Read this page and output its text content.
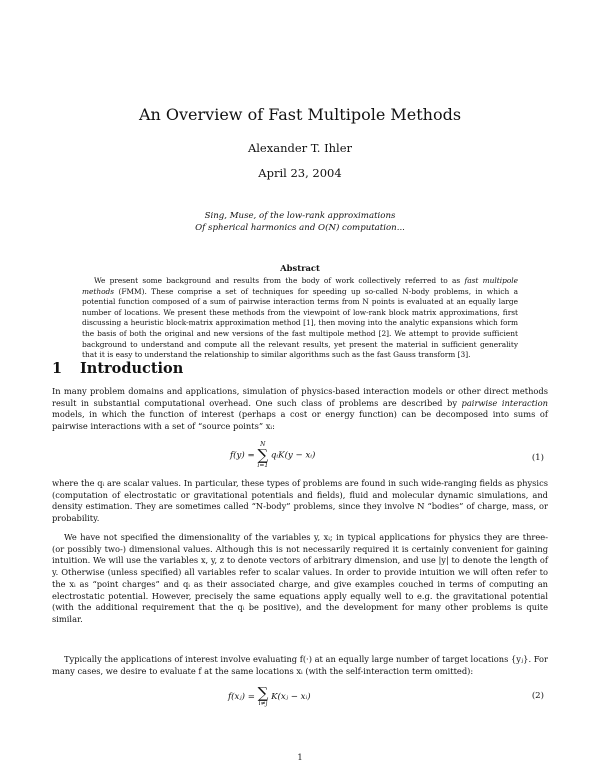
An Overview of Fast Multipole Methods
Alexander T. Ihler
April 23, 2004
Sing, Muse, of the low-rank approximations
Of spherical harmonics and O(N) computation...
Abstract
We present some background and results from the body of work collectively referred to as fast multipole methods (FMM). These comprise a set of techniques for speeding up so-called N-body problems, in which a potential function composed of a sum of pairwise interaction terms from N points is evaluated at an equally large number of locations. We present these methods from the viewpoint of low-rank block matrix approximations, first discussing a heuristic block-matrix approximation method [1], then moving into the analytic expansions which form the basis of both the original and new versions of the fast multipole method [2]. We attempt to provide sufficient background to understand and compute all the relevant results, yet present the material in sufficient generality that it is easy to understand the relationship to similar algorithms such as the fast Gauss transform [3].
1 Introduction
In many problem domains and applications, simulation of physics-based interaction models or other direct methods result in substantial computational overhead. One such class of problems are described by pairwise interaction models, in which the function of interest (perhaps a cost or energy function) can be decomposed into sums of pairwise interactions with a set of “source points” xᵢ:
f(y) =
N
∑
i=1
qᵢK(y − xᵢ)	(1)
where the qᵢ are scalar values. In particular, these types of problems are found in such wide-ranging fields as physics (computation of electrostatic or gravitational potentials and fields), fluid and molecular dynamic simulations, and density estimation. They are sometimes called “N-body” problems, since they involve N “bodies” of charge, mass, or probability.
We have not specified the dimensionality of the variables y, xᵢ; in typical applications for physics they are three- (or possibly two-) dimensional values. Although this is not necessarily required it is certainly convenient for gaining intuition. We will use the variables x, y, z to denote vectors of arbitrary dimension, and use |y| to denote the length of y. Otherwise (unless specified) all variables refer to scalar values. In order to provide intuition we will often refer to the xᵢ as “point charges” and qᵢ as their associated charge, and give examples couched in terms of computing an electrostatic potential. However, precisely the same equations apply equally well to e.g. the gravitational potential (with the additional requirement that the qᵢ be positive), and the development for many other problems is quite similar.
Typically the applications of interest involve evaluating f(·) at an equally large number of target locations {yⱼ}. For many cases, we desire to evaluate f at the same locations xᵢ (with the self-interaction term omitted):
f(xⱼ) = ∑
i≠j
K(xⱼ − xᵢ)	(2)
1
